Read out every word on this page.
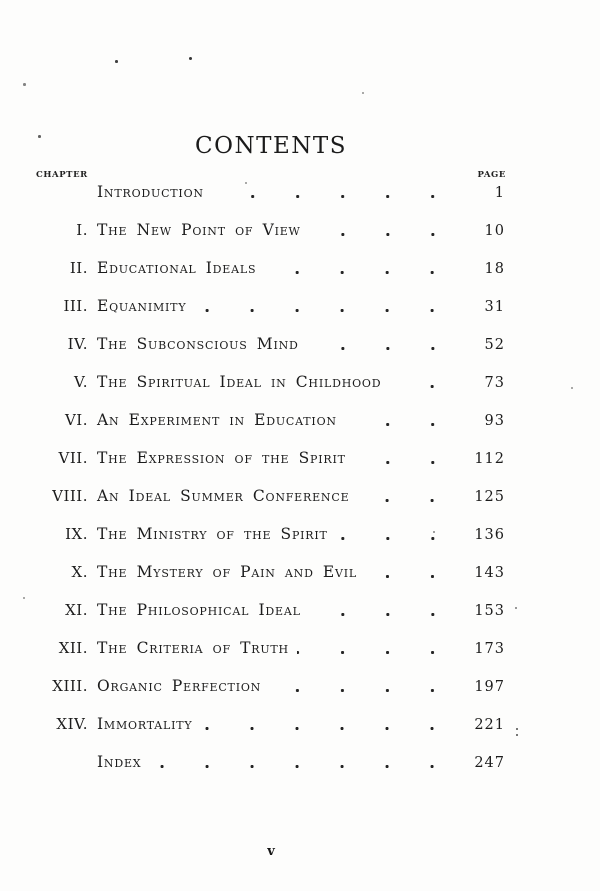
CONTENTS
CHAPTER	PAGE
Introduction	1
I. The New Point of View	10
II. Educational Ideals	18
III. Equanimity	31
IV. The Subconscious Mind	52
V. The Spiritual Ideal in Childhood	73
VI. An Experiment in Education	93
VII. The Expression of the Spirit	112
VIII. An Ideal Summer Conference	125
IX. The Ministry of the Spirit	136
X. The Mystery of Pain and Evil	143
XI. The Philosophical Ideal	153
XII. The Criteria of Truth	173
XIII. Organic Perfection	197
XIV. Immortality	221
Index	247
v
